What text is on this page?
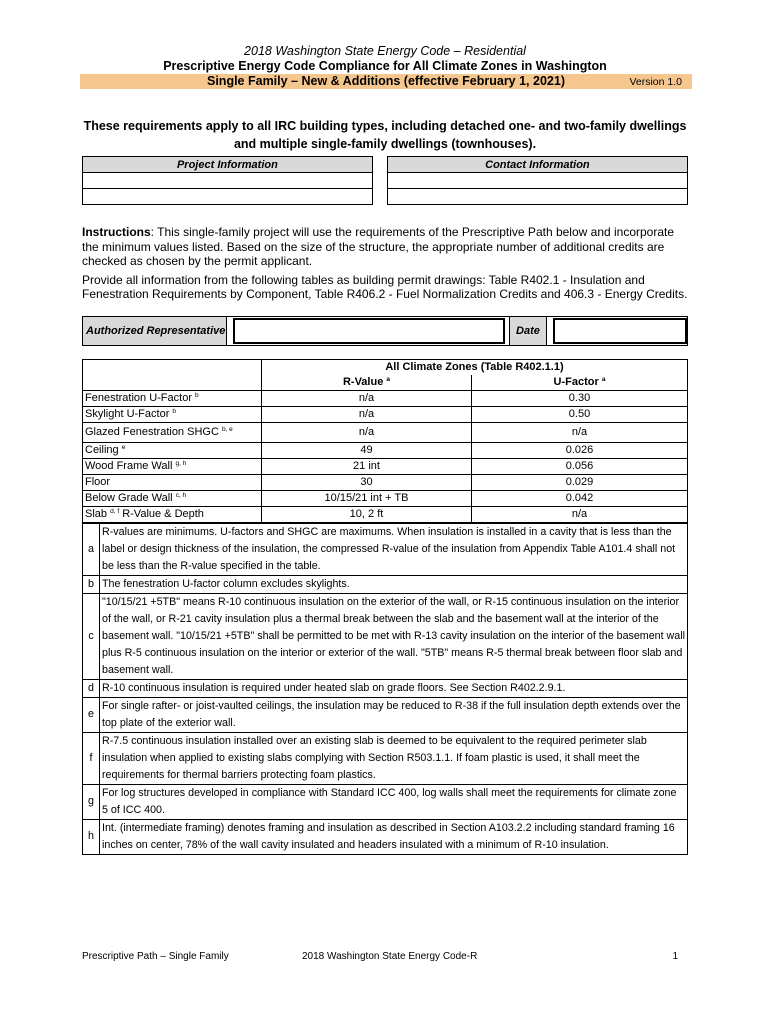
2018 Washington State Energy Code – Residential
Prescriptive Energy Code Compliance for All Climate Zones in Washington
Single Family – New & Additions (effective February 1, 2021)	Version 1.0
These requirements apply to all IRC building types, including detached one- and two-family dwellings and multiple single-family dwellings (townhouses).
Project Information		Contact Information

Instructions: This single-family project will use the requirements of the Prescriptive Path below and incorporate the minimum values listed. Based on the size of the structure, the appropriate number of additional credits are checked as chosen by the permit applicant.

Provide all information from the following tables as building permit drawings: Table R402.1 - Insulation and Fenestration Requirements by Component, Table R406.2 - Fuel Normalization Credits and 406.3 - Energy Credits.

Authorized Representative	Date
	All Climate Zones (Table R402.1.1)	
	R-Value $^a$	U-Factor $^a$
Fenestration U-Factor $^b$	n/a	0.30
Skylight U-Factor $^b$	n/a	0.50
Glazed Fenestration SHGC $^{b, e}$	n/a	n/a
Ceiling $^e$	49	0.026
Wood Frame Wall $^{g, h}$	21 int	0.056
Floor	30	0.029
Below Grade Wall $^{c, h}$	10/15/21 int + TB	0.042
Slab $^{d, f}$ R-Value & Depth	10, 2 ft	n/a
a	R-values are minimums. U-factors and SHGC are maximums. When insulation is installed in a cavity that is less than the label or design thickness of the insulation, the compressed R-value of the insulation from Appendix Table A101.4 shall not be less than the R-value specified in the table.
b	The fenestration U-factor column excludes skylights.
c	"10/15/21 +5TB" means R-10 continuous insulation on the exterior of the wall, or R-15 continuous insulation on the interior of the wall, or R-21 cavity insulation plus a thermal break between the slab and the basement wall at the interior of the basement wall. "10/15/21 +5TB" shall be permitted to be met with R-13 cavity insulation on the interior of the basement wall plus R-5 continuous insulation on the interior or exterior of the wall. "5TB" means R-5 thermal break between floor slab and basement wall.
d	R-10 continuous insulation is required under heated slab on grade floors. See Section R402.2.9.1.
e	For single rafter- or joist-vaulted ceilings, the insulation may be reduced to R-38 if the full insulation depth extends over the top plate of the exterior wall.
f	R-7.5 continuous insulation installed over an existing slab is deemed to be equivalent to the required perimeter slab insulation when applied to existing slabs complying with Section R503.1.1. If foam plastic is used, it shall meet the requirements for thermal barriers protecting foam plastics.
g	For log structures developed in compliance with Standard ICC 400, log walls shall meet the requirements for climate zone 5 of ICC 400.
h	Int. (intermediate framing) denotes framing and insulation as described in Section A103.2.2 including standard framing 16 inches on center, 78% of the wall cavity insulated and headers insulated with a minimum of R-10 insulation.
Prescriptive Path – Single Family	2018 Washington State Energy Code-R	1
